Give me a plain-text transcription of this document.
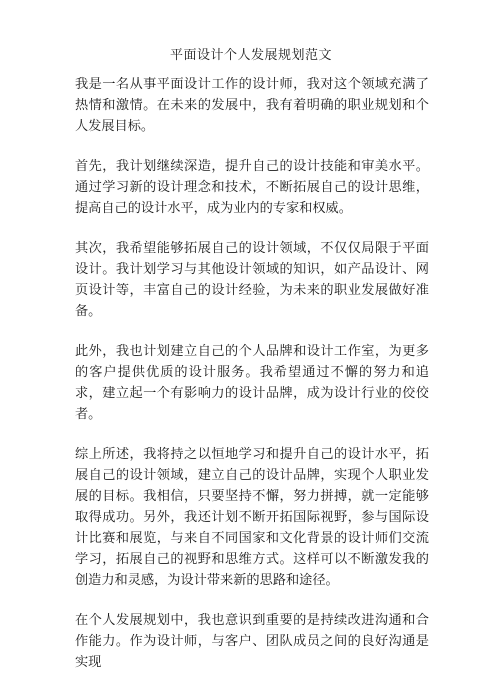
平面设计个人发展规划范文

我是一名从事平面设计工作的设计师，我对这个领域充满了热情和激情。在未来的发展中，我有着明确的职业规划和个人发展目标。

首先，我计划继续深造，提升自己的设计技能和审美水平。通过学习新的设计理念和技术，不断拓展自己的设计思维，提高自己的设计水平，成为业内的专家和权威。

其次，我希望能够拓展自己的设计领域，不仅仅局限于平面设计。我计划学习与其他设计领域的知识，如产品设计、网页设计等，丰富自己的设计经验，为未来的职业发展做好准备。

此外，我也计划建立自己的个人品牌和设计工作室，为更多的客户提供优质的设计服务。我希望通过不懈的努力和追求，建立起一个有影响力的设计品牌，成为设计行业的佼佼者。

综上所述，我将持之以恒地学习和提升自己的设计水平，拓展自己的设计领域，建立自己的设计品牌，实现个人职业发展的目标。我相信，只要坚持不懈，努力拼搏，就一定能够取得成功。另外，我还计划不断开拓国际视野，参与国际设计比赛和展览，与来自不同国家和文化背景的设计师们交流学习，拓展自己的视野和思维方式。这样可以不断激发我的创造力和灵感，为设计带来新的思路和途径。

在个人发展规划中，我也意识到重要的是持续改进沟通和合作能力。作为设计师，与客户、团队成员之间的良好沟通是实现
